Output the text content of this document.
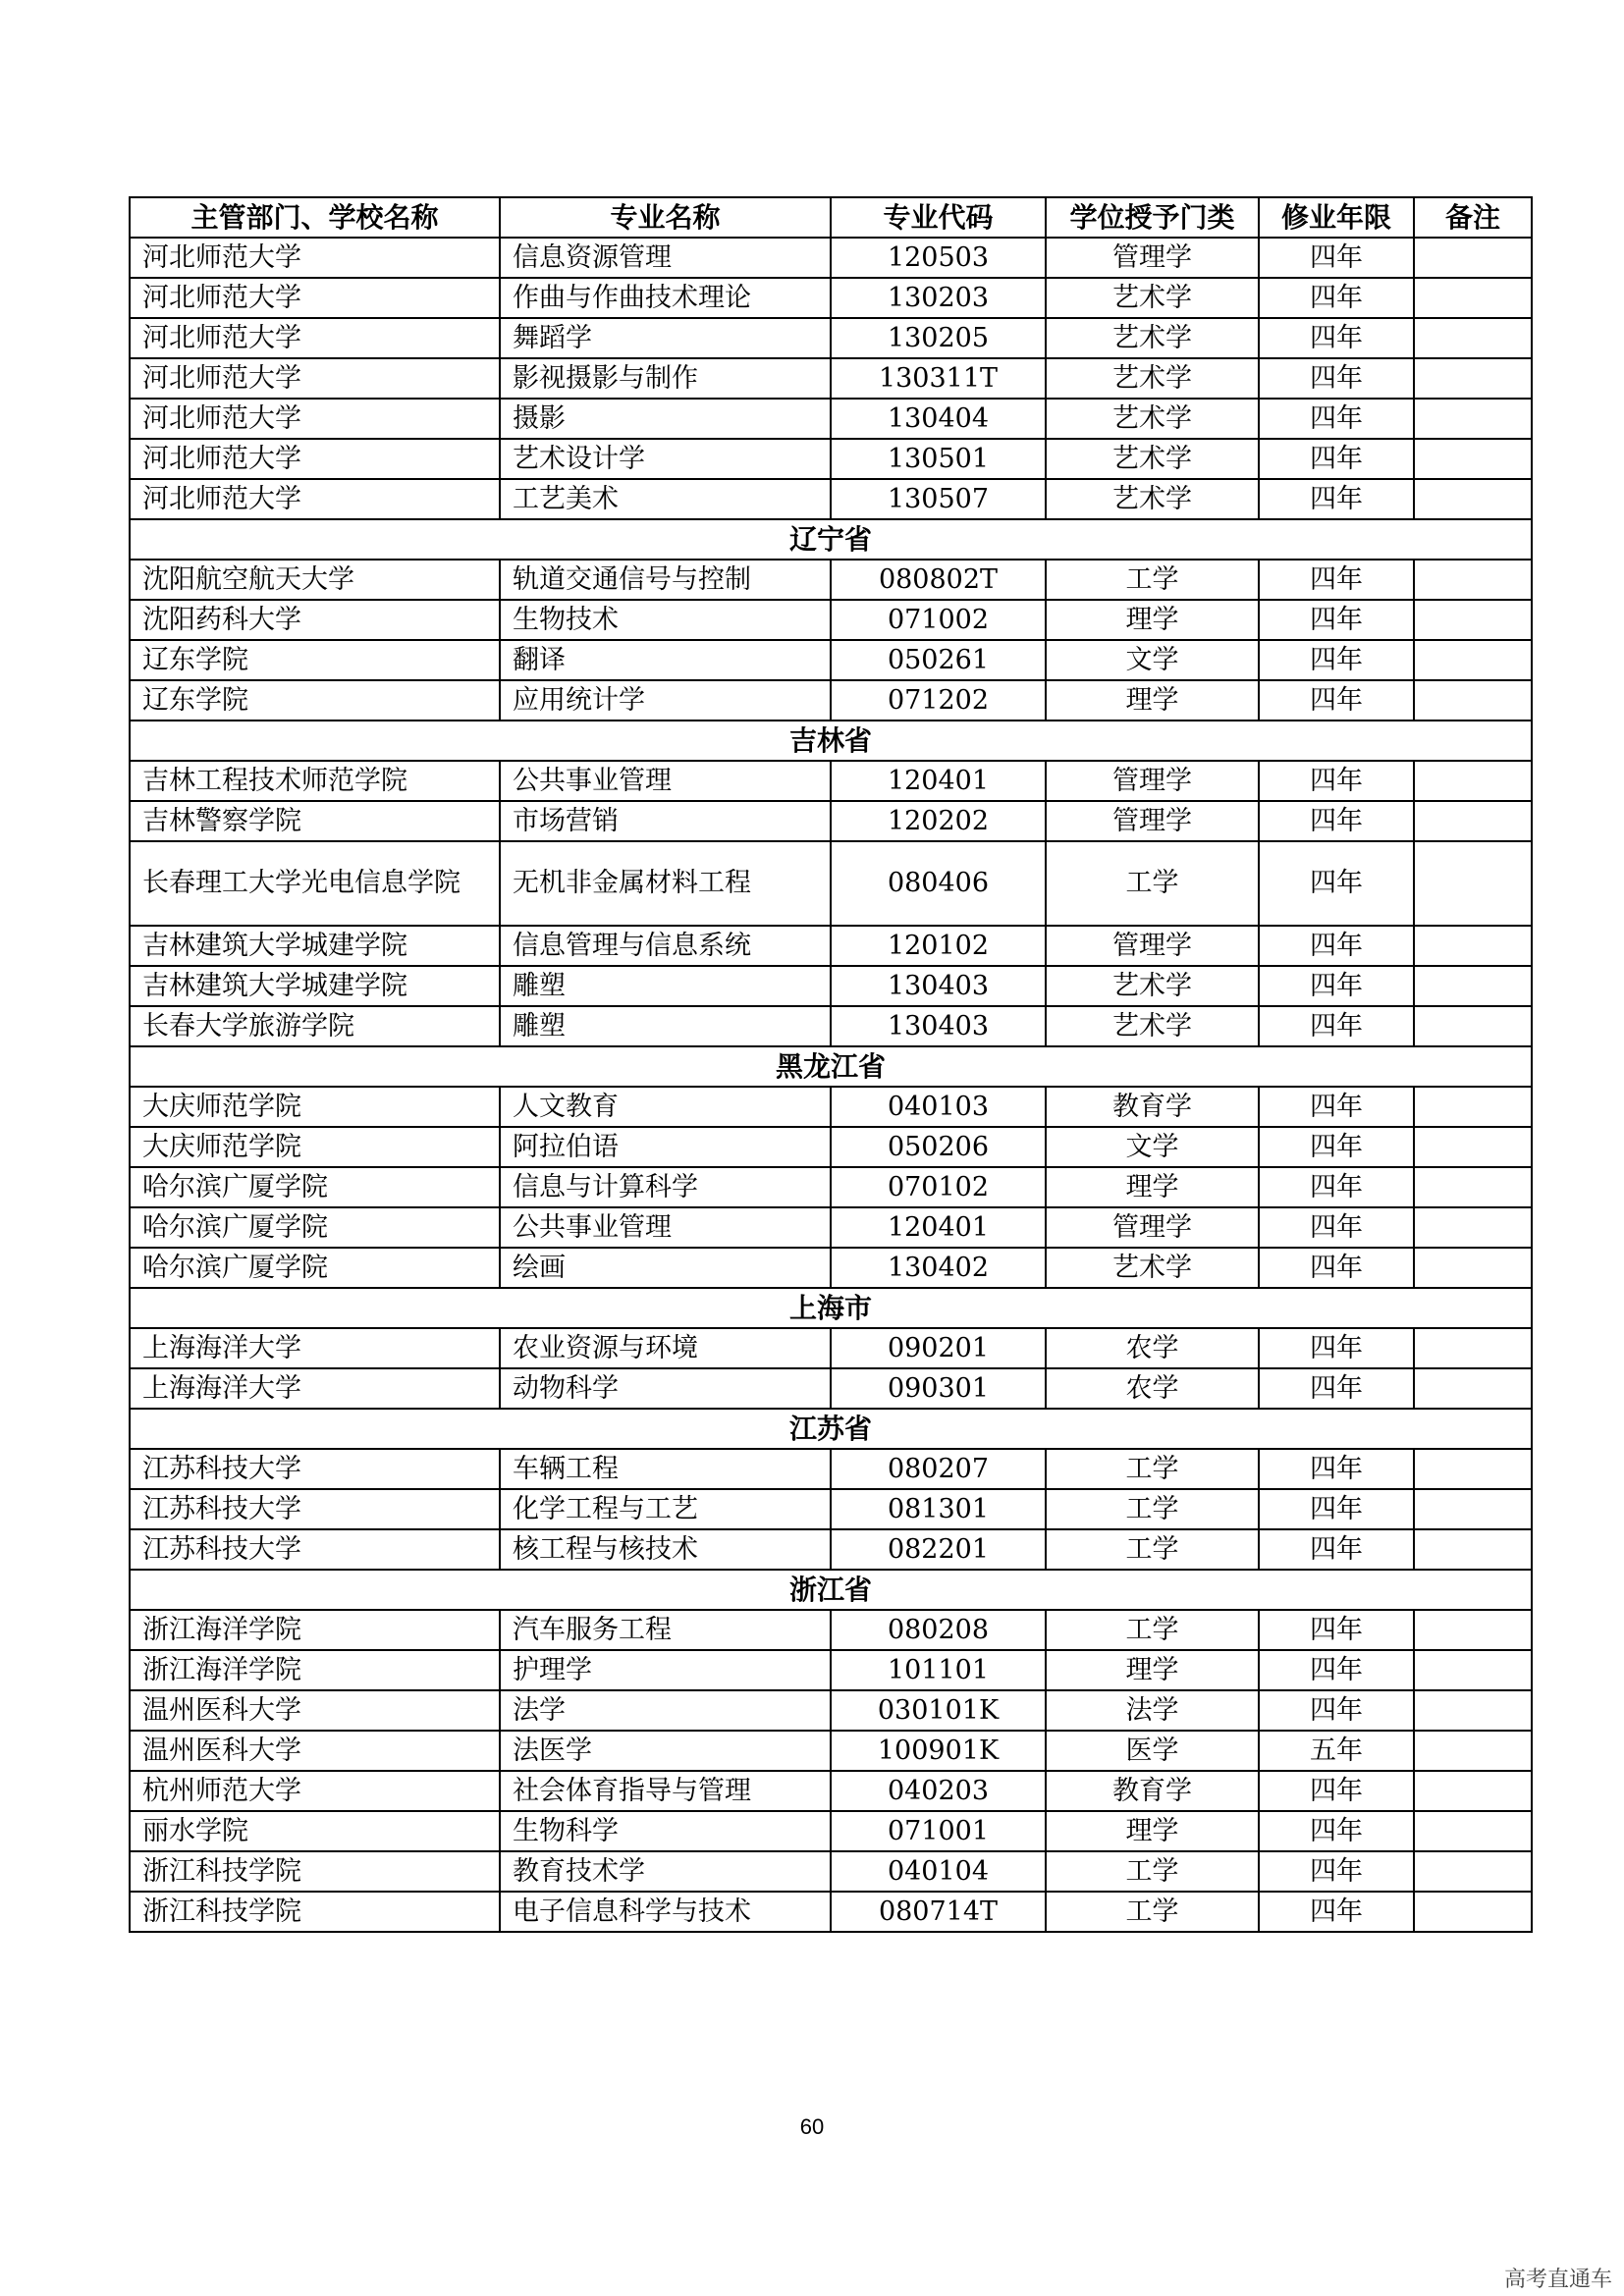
主管部门、学校名称	专业名称	专业代码	学位授予门类	修业年限	备注
河北师范大学	信息资源管理	120503	管理学	四年	
河北师范大学	作曲与作曲技术理论	130203	艺术学	四年	
河北师范大学	舞蹈学	130205	艺术学	四年	
河北师范大学	影视摄影与制作	130311T	艺术学	四年	
河北师范大学	摄影	130404	艺术学	四年	
河北师范大学	艺术设计学	130501	艺术学	四年	
河北师范大学	工艺美术	130507	艺术学	四年	
辽宁省					
沈阳航空航天大学	轨道交通信号与控制	080802T	工学	四年	
沈阳药科大学	生物技术	071002	理学	四年	
辽东学院	翻译	050261	文学	四年	
辽东学院	应用统计学	071202	理学	四年	
吉林省					
吉林工程技术师范学院	公共事业管理	120401	管理学	四年	
吉林警察学院	市场营销	120202	管理学	四年	
长春理工大学光电信息学院	无机非金属材料工程	080406	工学	四年	
吉林建筑大学城建学院	信息管理与信息系统	120102	管理学	四年	
吉林建筑大学城建学院	雕塑	130403	艺术学	四年	
长春大学旅游学院	雕塑	130403	艺术学	四年	
黑龙江省					
大庆师范学院	人文教育	040103	教育学	四年	
大庆师范学院	阿拉伯语	050206	文学	四年	
哈尔滨广厦学院	信息与计算科学	070102	理学	四年	
哈尔滨广厦学院	公共事业管理	120401	管理学	四年	
哈尔滨广厦学院	绘画	130402	艺术学	四年	
上海市					
上海海洋大学	农业资源与环境	090201	农学	四年	
上海海洋大学	动物科学	090301	农学	四年	
江苏省					
江苏科技大学	车辆工程	080207	工学	四年	
江苏科技大学	化学工程与工艺	081301	工学	四年	
江苏科技大学	核工程与核技术	082201	工学	四年	
浙江省					
浙江海洋学院	汽车服务工程	080208	工学	四年	
浙江海洋学院	护理学	101101	理学	四年	
温州医科大学	法学	030101K	法学	四年	
温州医科大学	法医学	100901K	医学	五年	
杭州师范大学	社会体育指导与管理	040203	教育学	四年	
丽水学院	生物科学	071001	理学	四年	
浙江科技学院	教育技术学	040104	工学	四年	
浙江科技学院	电子信息科学与技术	080714T	工学	四年	
60
高考直通车
